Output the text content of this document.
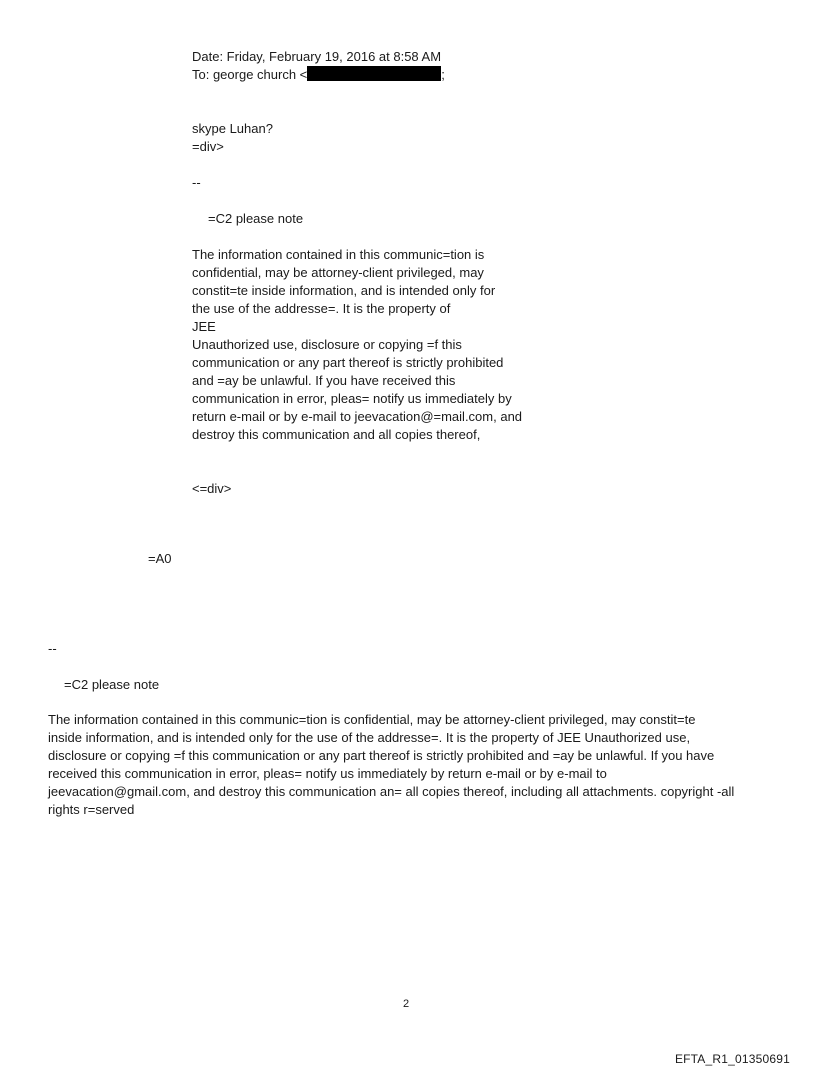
Date: Friday, February 19, 2016 at 8:58 AM

To: george church <	;

skype Luhan?

=div>

--

=C2 please note

The information contained in this communic=tion is
confidential, may be attorney-client privileged, may
constit=te inside information, and is intended only for
the use of the addresse=. It is the property of
JEE
Unauthorized use, disclosure or copying =f this
communication or any part thereof is strictly prohibited
and =ay be unlawful. If you have received this
communication in error, pleas= notify us immediately by
return e-mail or by e-mail to jeevacation@=mail.com, and
destroy this communication and all copies thereof,

<=div>

=A0

--

=C2 please note

The information contained in this communic=tion is confidential, may be attorney-client privileged, may constit=te
inside information, and is intended only for the use of the addresse=. It is the property of JEE Unauthorized use,
disclosure or copying =f this communication or any part thereof is strictly prohibited and =ay be unlawful. If you have
received this communication in error, pleas= notify us immediately by return e-mail or by e-mail to
jeevacation@gmail.com, and destroy this communication an= all copies thereof, including all attachments. copyright -all
rights r=served

2

EFTA_R1_01350691
